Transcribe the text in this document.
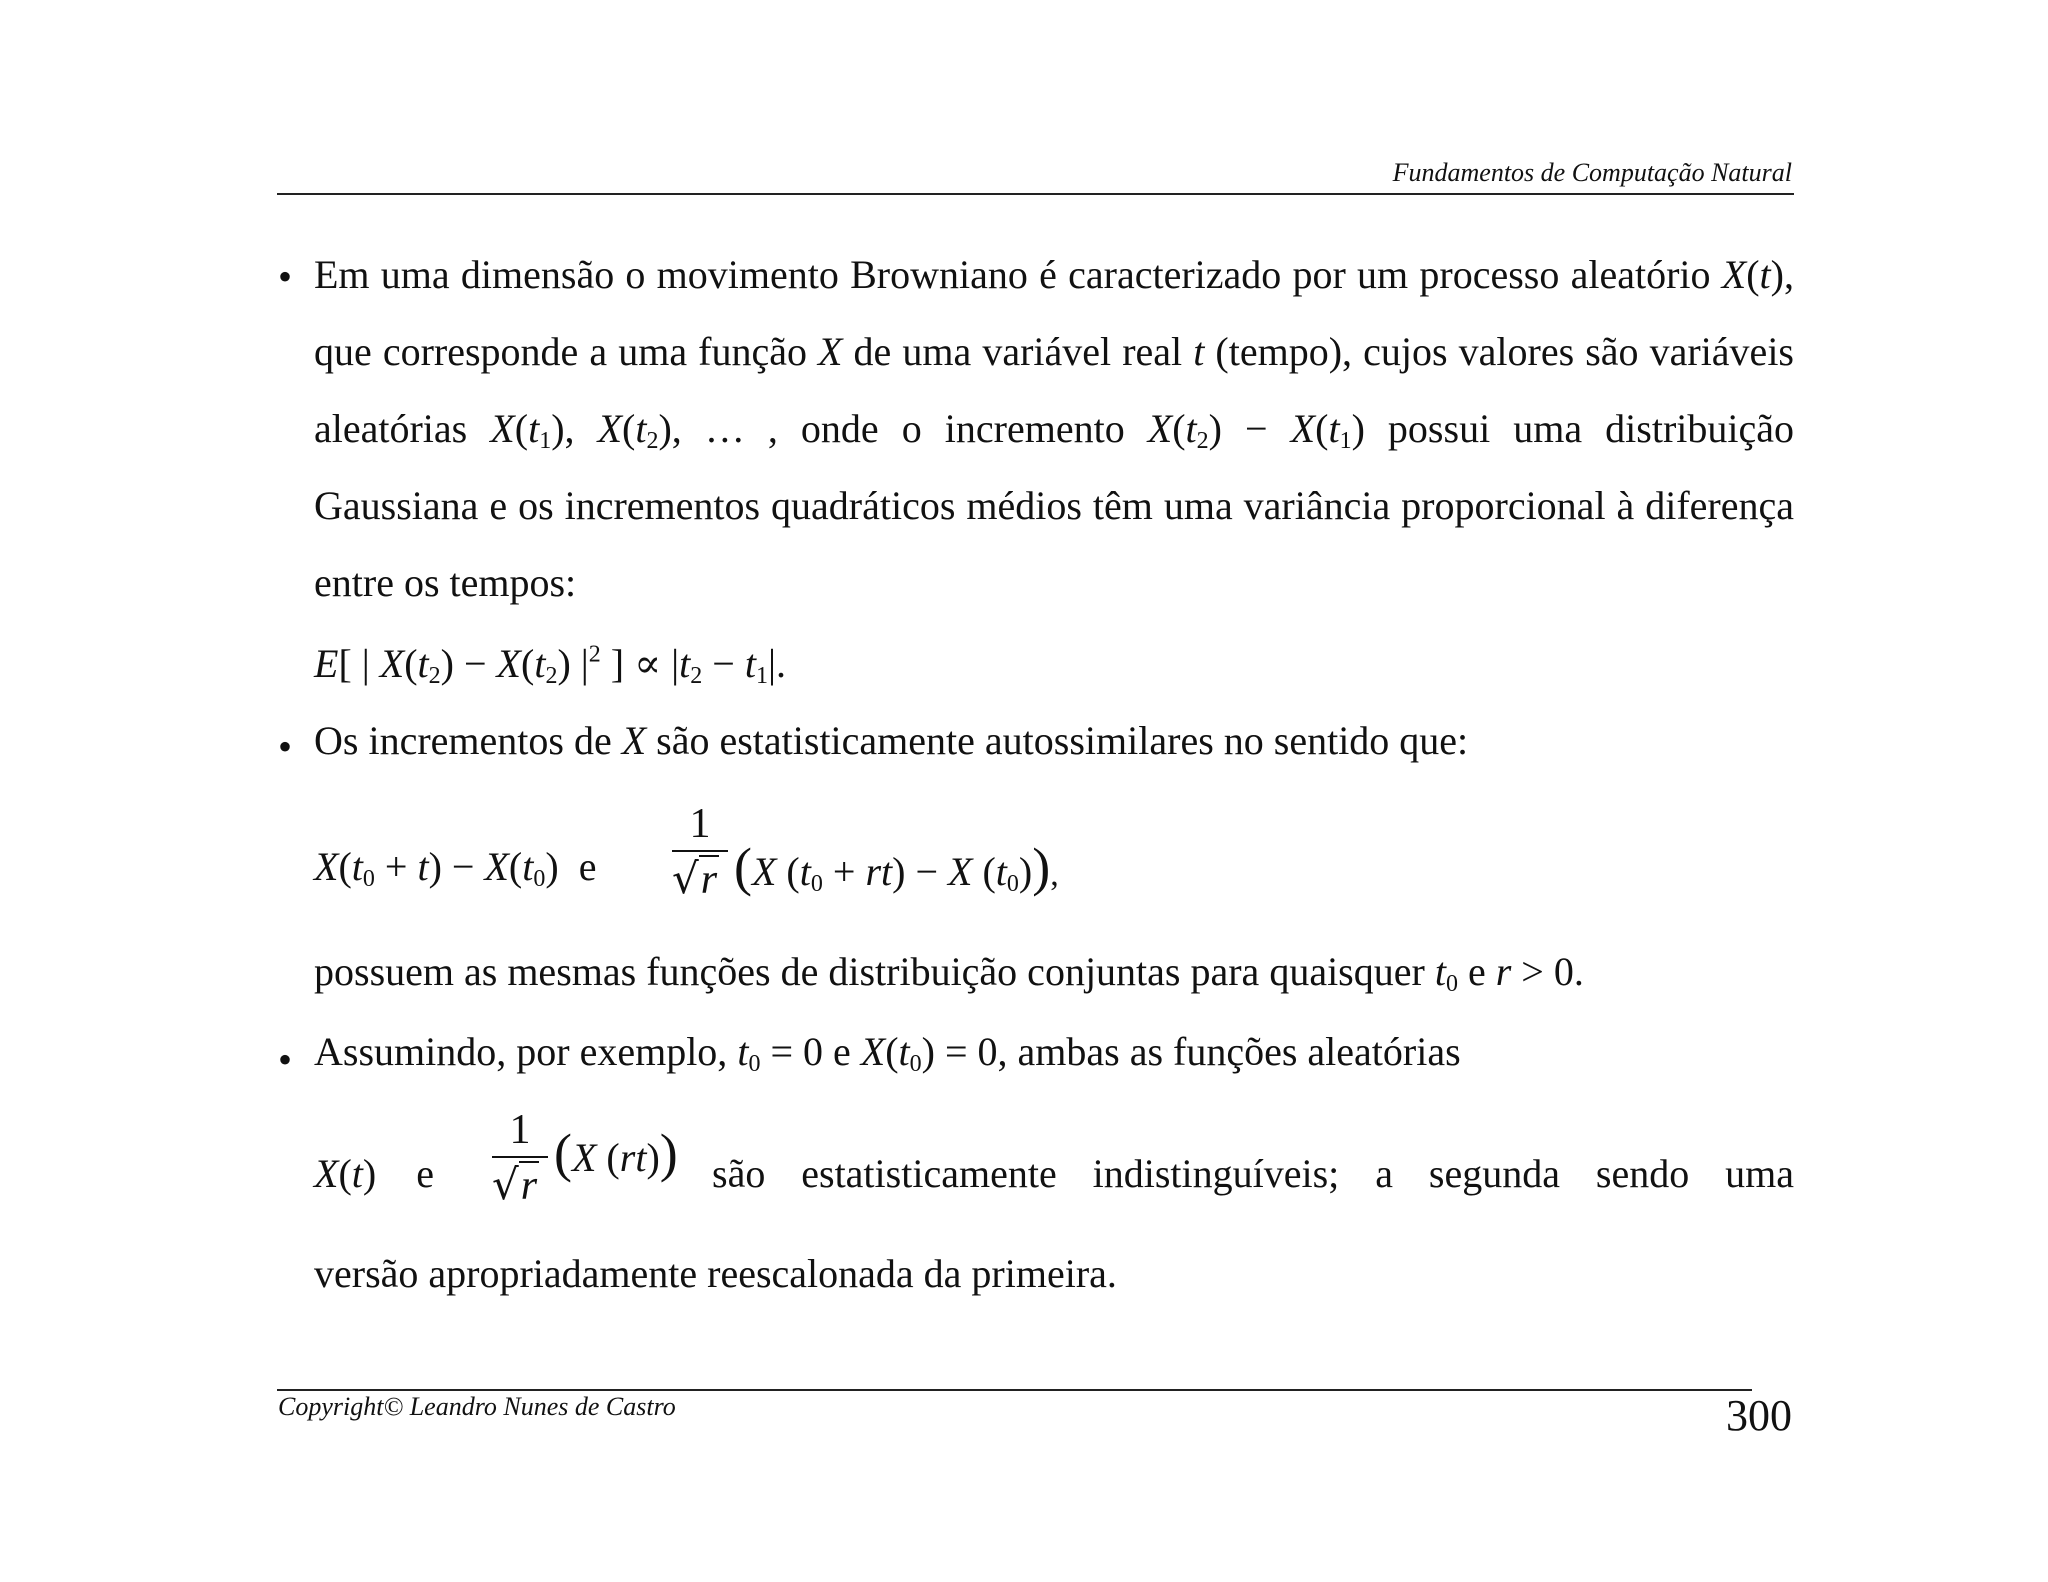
Fundamentos de Computação Natural
• Em uma dimensão o movimento Browniano é caracterizado por um processo aleatório X(t), que corresponde a uma função X de uma variável real t (tempo), cujos valores são variáveis aleatórias $X(t_1)$, $X(t_2)$, … , onde o incremento $X(t_2) - X(t_1)$ possui uma distribuição Gaussiana e os incrementos quadráticos médios têm uma variância proporcional à diferença entre os tempos:
E[ | $X(t_2) - X(t_2)$ $|^2$ ] ∝ $|t_2 - t_1|$.
• Os incrementos de X são estatisticamente autossimilares no sentido que:
$X(t_0 + t) - X(t_0)$  e
1
√r (X $(t_0 + rt) - X$ $(t_0)$),
possuem as mesmas funções de distribuição conjuntas para quaisquer $t_0$ e r > 0.
• Assumindo, por exemplo, $t_0 = 0$ e $X(t_0) = 0$, ambas as funções aleatórias
X(t)    e
1
√r
(X (rt)) são estatisticamente indistinguíveis; a segunda sendo uma
versão apropriadamente reescalonada da primeira.
Copyright© Leandro Nunes de Castro	300
